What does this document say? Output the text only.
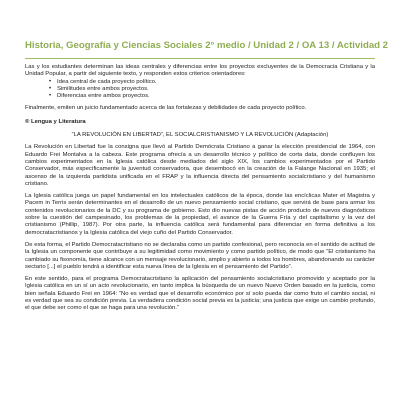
Historia, Geografía y Ciencias Sociales 2° medio / Unidad 2 / OA 13 / Actividad 2

Las y los estudiantes determinan las ideas centrales y diferencias entre los proyectos excluyentes de la Democracia Cristiana y la Unidad Popular, a partir del siguiente texto, y responden estos criterios orientadores:

• Idea central de cada proyecto político.
• Similitudes entre ambos proyectos.
• Diferencias entre ambos proyectos.

Finalmente, emiten un juicio fundamentado acerca de las fortalezas y debilidades de cada proyecto político.

® Lengua y Literatura

“LA REVOLUCIÓN EN LIBERTAD”, EL SOCIALCRISTIANISMO Y LA REVOLUCIÓN (Adaptación)

La Revolución en Libertad fue la consigna que llevó al Partido Demócrata Cristiano a ganar la elección presidencial de 1964, con Eduardo Frei Montalva a la cabeza. Este programa ofrecía a un desarrollo técnico y político de corta data, donde confluyen los cambios experimentados en la Iglesia católica desde mediados del siglo XIX, los cambios experimentados por el Partido Conservador, más específicamente la juventud conservadora, que desembocó en la creación de la Falange Nacional en 1935; el ascenso de la izquierda partidista unificada en el FRAP y la influencia directa del pensamiento socialcristiano y del humanismo cristiano.

La Iglesia católica juega un papel fundamental en los intelectuales católicos de la época, donde las encíclicas Mater et Magistra y Pacem in Terris serán determinantes en el desarrollo de un nuevo pensamiento social cristiano, que servirá de base para armar los contenidos revolucionarios de la DC y su programa de gobierno. Esto dio nuevas pistas de acción producto de nuevos diagnósticos sobre la cuestión del campesinado, los problemas de la propiedad, el avance de la Guerra Fría y del capitalismo y la vez del cristianismo (Phillip, 1987). Por otra parte, la influencia católica será fundamental para diferenciar en forma definitiva a los democratacristianos y la Iglesia católica del viejo cuño del Partido Conservador.

De esta forma, el Partido Democratacristiano no se declaraba como un partido confesional, pero reconocía en el sentido de actitud de la Iglesia un componente que contribuye a su legitimidad como movimiento y como partido político, de modo que “El cristianismo ha cambiado su fisonomía, tiene alcance con un mensaje revolucionario, amplio y abierto a todos los hombres, abandonando su carácter sectario [...] el pueblo tendrá a identificar esta nueva línea de la Iglesia en el pensamiento del Partido”.

En este sentido, para el programa Democratacristiano la aplicación del pensamiento socialcristiano promovido y aceptado por la Iglesia católica en un sí un acto revolucionario, en tanto implica la búsqueda de un nuevo Nuevo Orden basado en la justicia, como bien señala Eduardo Frei en 1964: “No es verdad que el desarrollo económico por sí solo pueda dar como fruto el cambio social, ni es verdad que sea su condición previa. La verdadera condición social previa es la justicia; una justicia que exige un cambio profundo, el que debe ser como el que se haga para una revolución.”
